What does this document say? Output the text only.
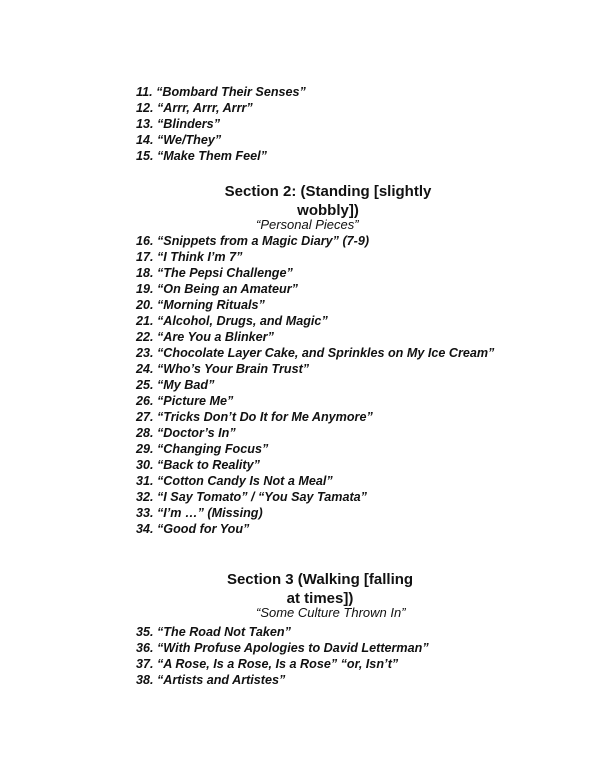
11. “Bombard Their Senses”
12. “Arrr, Arrr, Arrr”
13. “Blinders”
14. “We/They”
15. “Make Them Feel”
Section 2: (Standing [slightly wobbly])

“Personal Pieces”

16. “Snippets from a Magic Diary” (7-9)
17. “I Think I’m 7”
18. “The Pepsi Challenge”
19. “On Being an Amateur”
20. “Morning Rituals”
21. “Alcohol, Drugs, and Magic”
22. “Are You a Blinker”
23. “Chocolate Layer Cake, and Sprinkles on My Ice Cream”
24. “Who’s Your Brain Trust”
25. “My Bad”
26. “Picture Me”
27. “Tricks Don’t Do It for Me Anymore”
28. “Doctor’s In”
29. “Changing Focus”
30. “Back to Reality”
31. “Cotton Candy Is Not a Meal”
32. “I Say Tomato” / “You Say Tamata”
33. “I’m …” (Missing)
34. “Good for You”
Section 3 (Walking [falling at times])

“Some Culture Thrown In”

35. “The Road Not Taken”
36. “With Profuse Apologies to David Letterman”
37. “A Rose, Is a Rose, Is a Rose” “or, Isn’t”
38. “Artists and Artistes”
